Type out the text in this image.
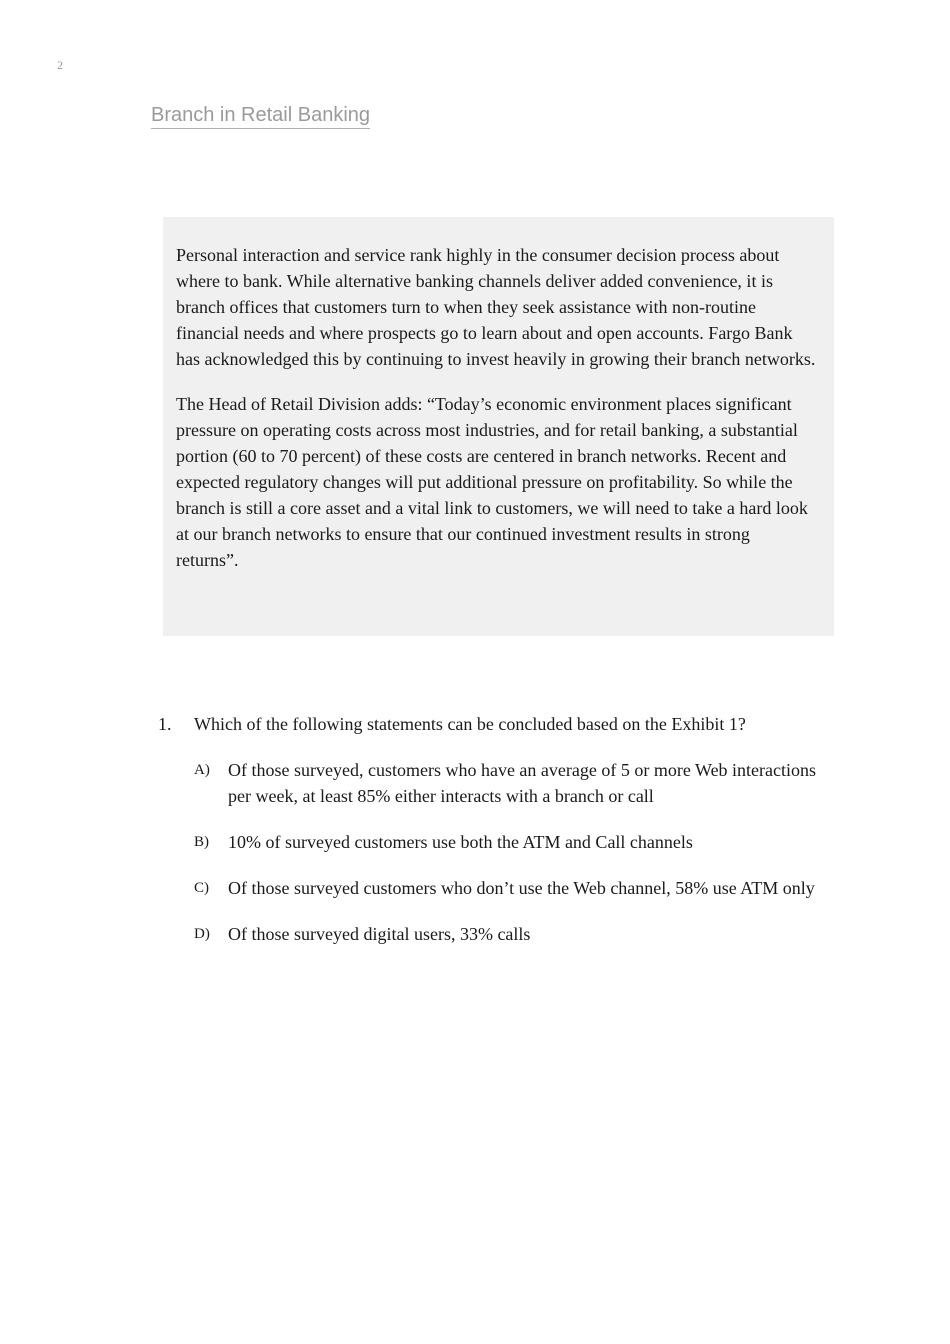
2
Branch in Retail Banking

Personal interaction and service rank highly in the consumer decision process about where to bank. While alternative banking channels deliver added convenience, it is branch offices that customers turn to when they seek assistance with non-routine financial needs and where prospects go to learn about and open accounts. Fargo Bank has acknowledged this by continuing to invest heavily in growing their branch networks.

The Head of Retail Division adds: “Today’s economic environment places significant pressure on operating costs across most industries, and for retail banking, a substantial portion (60 to 70 percent) of these costs are centered in branch networks. Recent and expected regulatory changes will put additional pressure on profitability. So while the branch is still a core asset and a vital link to customers, we will need to take a hard look at our branch networks to ensure that our continued investment results in strong returns”.

1.	Which of the following statements can be concluded based on the Exhibit 1?
A)	Of those surveyed, customers who have an average of 5 or more Web interactions per week, at least 85% either interacts with a branch or call
B)	10% of surveyed customers use both the ATM and Call channels
C)	Of those surveyed customers who don’t use the Web channel, 58% use ATM only
D)	Of those surveyed digital users, 33% calls
